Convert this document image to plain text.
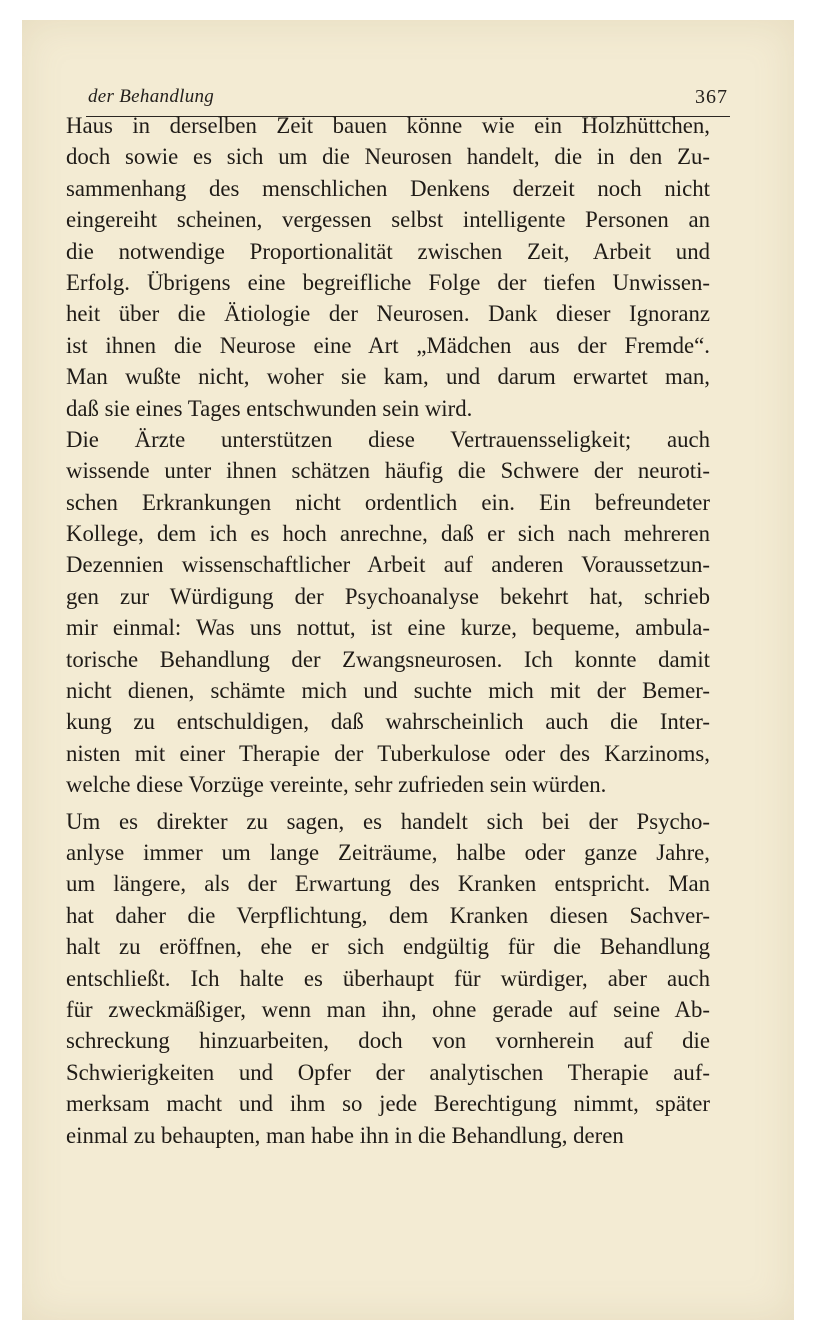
der Behandlung	367
Haus in derselben Zeit bauen könne wie ein Holzhüttchen,
doch sowie es sich um die Neurosen handelt, die in den Zu-
sammenhang des menschlichen Denkens derzeit noch nicht
eingereiht scheinen, vergessen selbst intelligente Personen an
die notwendige Proportionalität zwischen Zeit, Arbeit und
Erfolg. Übrigens eine begreifliche Folge der tiefen Unwissen-
heit über die Ätiologie der Neurosen. Dank dieser Ignoranz
ist ihnen die Neurose eine Art „Mädchen aus der Fremde“.
Man wußte nicht, woher sie kam, und darum erwartet man,
daß sie eines Tages entschwunden sein wird.
Die Ärzte unterstützen diese Vertrauensseligkeit; auch
wissende unter ihnen schätzen häufig die Schwere der neuroti-
schen Erkrankungen nicht ordentlich ein. Ein befreundeter
Kollege, dem ich es hoch anrechne, daß er sich nach mehreren
Dezennien wissenschaftlicher Arbeit auf anderen Voraussetzun-
gen zur Würdigung der Psychoanalyse bekehrt hat, schrieb
mir einmal: Was uns nottut, ist eine kurze, bequeme, ambula-
torische Behandlung der Zwangsneurosen. Ich konnte damit
nicht dienen, schämte mich und suchte mich mit der Bemer-
kung zu entschuldigen, daß wahrscheinlich auch die Inter-
nisten mit einer Therapie der Tuberkulose oder des Karzinoms,
welche diese Vorzüge vereinte, sehr zufrieden sein würden.
Um es direkter zu sagen, es handelt sich bei der Psycho-
anlyse immer um lange Zeiträume, halbe oder ganze Jahre,
um längere, als der Erwartung des Kranken entspricht. Man
hat daher die Verpflichtung, dem Kranken diesen Sachver-
halt zu eröffnen, ehe er sich endgültig für die Behandlung
entschließt. Ich halte es überhaupt für würdiger, aber auch
für zweckmäßiger, wenn man ihn, ohne gerade auf seine Ab-
schreckung hinzuarbeiten, doch von vornherein auf die
Schwierigkeiten und Opfer der analytischen Therapie auf-
merksam macht und ihm so jede Berechtigung nimmt, später
einmal zu behaupten, man habe ihn in die Behandlung, deren
